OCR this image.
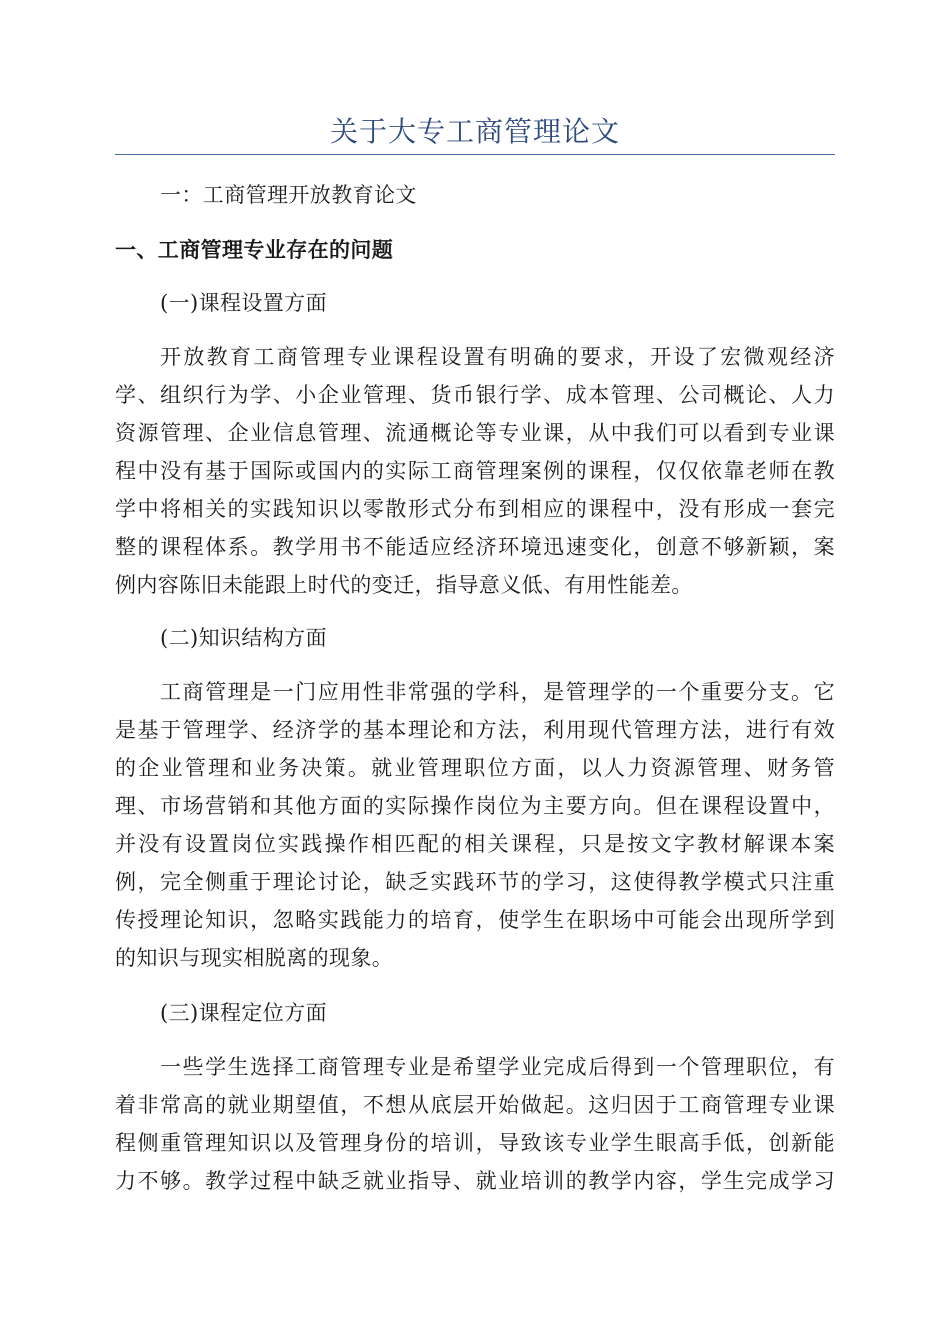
关于大专工商管理论文
一：工商管理开放教育论文
一、工商管理专业存在的问题
(一)课程设置方面
开放教育工商管理专业课程设置有明确的要求，开设了宏微观经济
学、组织行为学、小企业管理、货币银行学、成本管理、公司概论、人力
资源管理、企业信息管理、流通概论等专业课，从中我们可以看到专业课
程中没有基于国际或国内的实际工商管理案例的课程，仅仅依靠老师在教
学中将相关的实践知识以零散形式分布到相应的课程中，没有形成一套完
整的课程体系。教学用书不能适应经济环境迅速变化，创意不够新颖，案
例内容陈旧未能跟上时代的变迁，指导意义低、有用性能差。
(二)知识结构方面
工商管理是一门应用性非常强的学科，是管理学的一个重要分支。它
是基于管理学、经济学的基本理论和方法，利用现代管理方法，进行有效
的企业管理和业务决策。就业管理职位方面，以人力资源管理、财务管
理、市场营销和其他方面的实际操作岗位为主要方向。但在课程设置中，
并没有设置岗位实践操作相匹配的相关课程，只是按文字教材解课本案
例，完全侧重于理论讨论，缺乏实践环节的学习，这使得教学模式只注重
传授理论知识，忽略实践能力的培育，使学生在职场中可能会出现所学到
的知识与现实相脱离的现象。
(三)课程定位方面
一些学生选择工商管理专业是希望学业完成后得到一个管理职位，有
着非常高的就业期望值，不想从底层开始做起。这归因于工商管理专业课
程侧重管理知识以及管理身份的培训，导致该专业学生眼高手低，创新能
力不够。教学过程中缺乏就业指导、就业培训的教学内容，学生完成学习
